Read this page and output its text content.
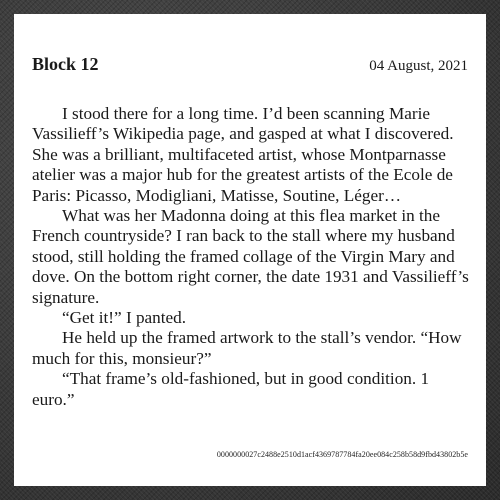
Block 12	04 August, 2021

I stood there for a long time. I’d been scanning Marie Vassilieff’s Wikipedia page, and gasped at what I discovered. She was a brilliant, multifaceted artist, whose Montparnasse atelier was a major hub for the greatest artists of the Ecole de Paris: Picasso, Modigliani, Matisse, Soutine, Léger…

What was her Madonna doing at this flea market in the French countryside? I ran back to the stall where my husband stood, still holding the framed collage of the Virgin Mary and dove. On the bottom right corner, the date 1931 and Vassilieff’s signature.

“Get it!” I panted.

He held up the framed artwork to the stall’s vendor. “How much for this, monsieur?”

“That frame’s old-fashioned, but in good condition. 1 euro.”

0000000027c2488e2510d1acf4369787784fa20ee084c258b58d9fbd43802b5e
